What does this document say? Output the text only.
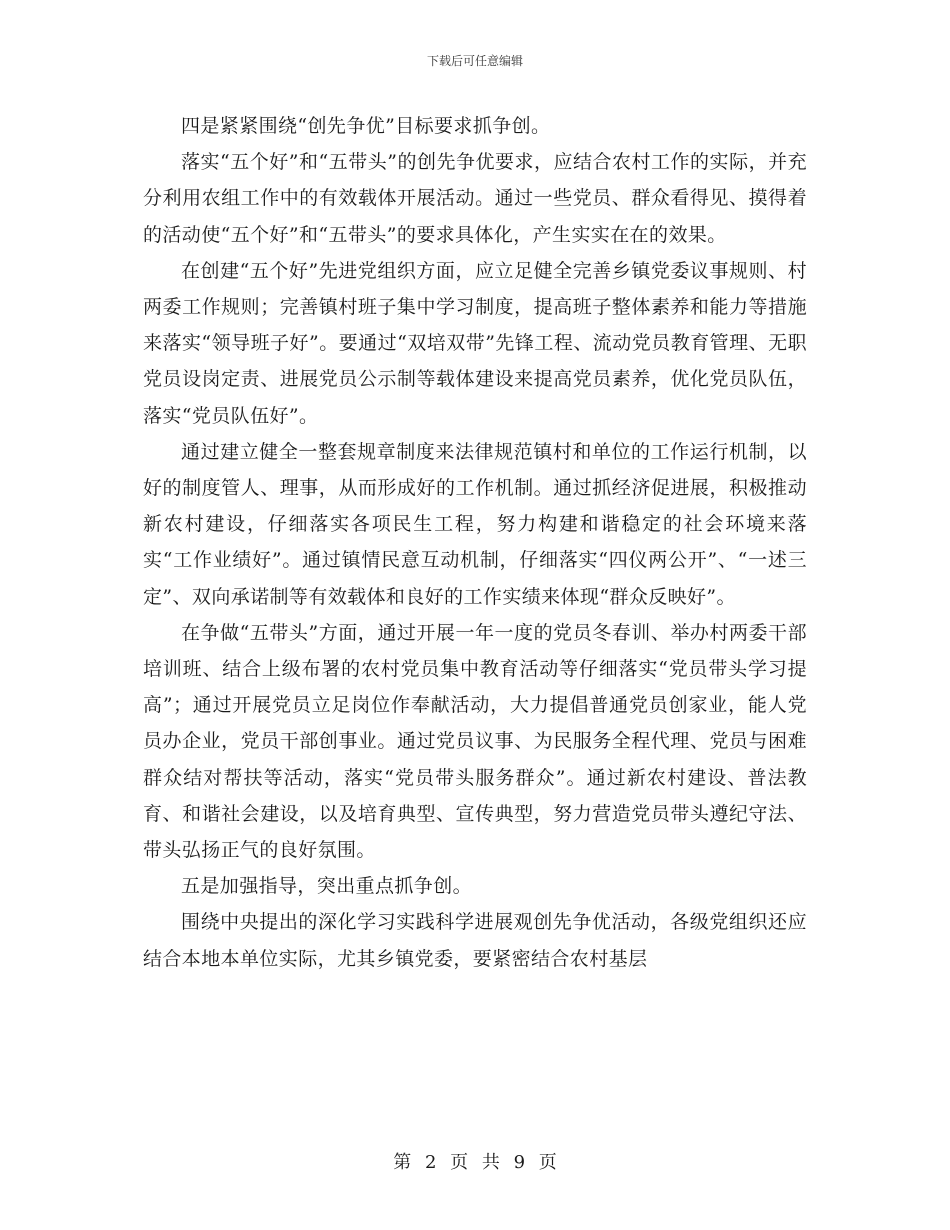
下载后可任意编辑

四是紧紧围绕“创先争优”目标要求抓争创。

落实“五个好”和“五带头”的创先争优要求，应结合农村工作的实际，并充分利用农组工作中的有效载体开展活动。通过一些党员、群众看得见、摸得着的活动使“五个好”和“五带头”的要求具体化，产生实实在在的效果。

在创建“五个好”先进党组织方面，应立足健全完善乡镇党委议事规则、村两委工作规则；完善镇村班子集中学习制度，提高班子整体素养和能力等措施来落实“领导班子好”。要通过“双培双带”先锋工程、流动党员教育管理、无职党员设岗定责、进展党员公示制等载体建设来提高党员素养，优化党员队伍，落实“党员队伍好”。

通过建立健全一整套规章制度来法律规范镇村和单位的工作运行机制，以好的制度管人、理事，从而形成好的工作机制。通过抓经济促进展，积极推动新农村建设，仔细落实各项民生工程，努力构建和谐稳定的社会环境来落实“工作业绩好”。通过镇情民意互动机制，仔细落实“四仪两公开”、“一述三定”、双向承诺制等有效载体和良好的工作实绩来体现“群众反映好”。

在争做“五带头”方面，通过开展一年一度的党员冬春训、举办村两委干部培训班、结合上级布署的农村党员集中教育活动等仔细落实“党员带头学习提高”；通过开展党员立足岗位作奉献活动，大力提倡普通党员创家业，能人党员办企业，党员干部创事业。通过党员议事、为民服务全程代理、党员与困难群众结对帮扶等活动，落实“党员带头服务群众”。通过新农村建设、普法教育、和谐社会建设，以及培育典型、宣传典型，努力营造党员带头遵纪守法、带头弘扬正气的良好氛围。

五是加强指导，突出重点抓争创。

围绕中央提出的深化学习实践科学进展观创先争优活动，各级党组织还应结合本地本单位实际，尤其乡镇党委，要紧密结合农村基层

第 2 页 共 9 页
